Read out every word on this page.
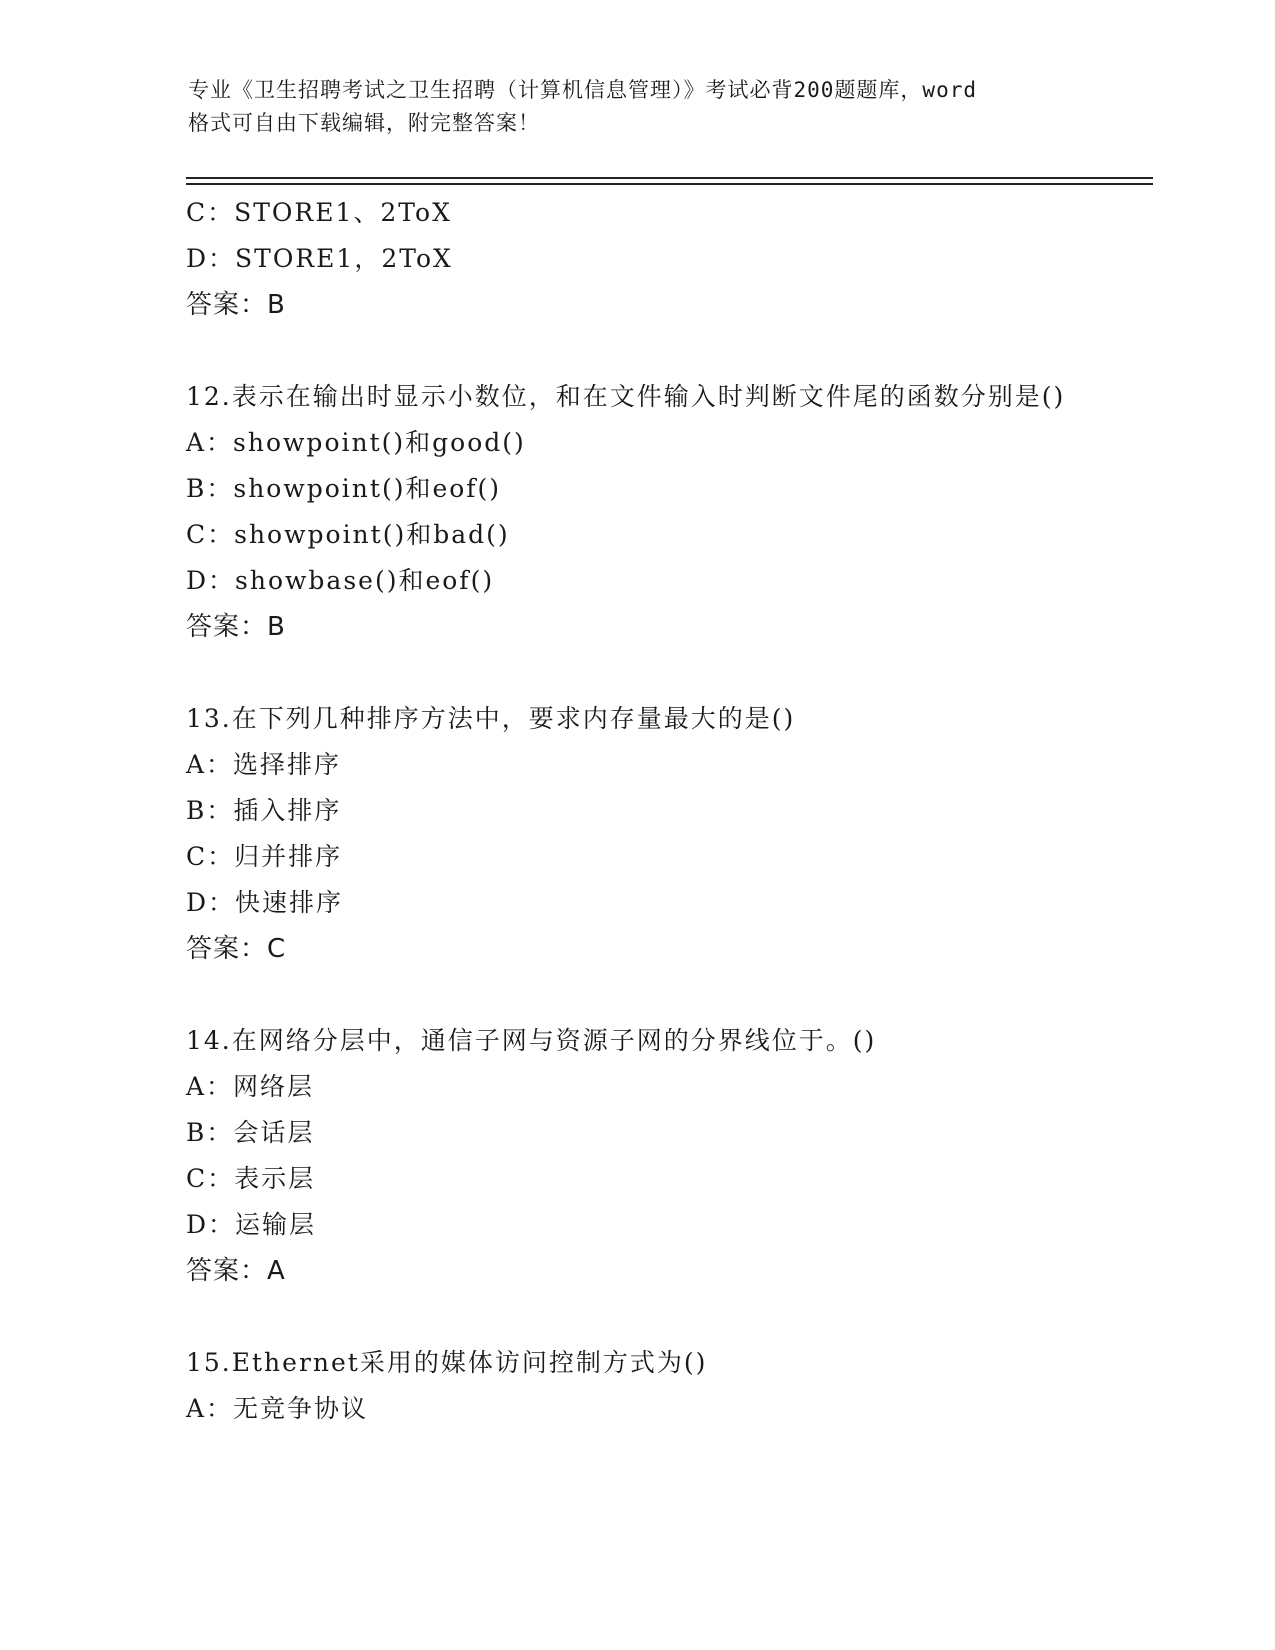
专业《卫生招聘考试之卫生招聘（计算机信息管理）》考试必背200题题库，word
格式可自由下载编辑，附完整答案！
C：STORE1、2ToX
D：STORE1，2ToX
答案：B
12.表示在输出时显示小数位，和在文件输入时判断文件尾的函数分别是()
A：showpoint()和good()
B：showpoint()和eof()
C：showpoint()和bad()
D：showbase()和eof()
答案：B
13.在下列几种排序方法中，要求内存量最大的是()
A：选择排序
B：插入排序
C：归并排序
D：快速排序
答案：C
14.在网络分层中，通信子网与资源子网的分界线位于。()
A：网络层
B：会话层
C：表示层
D：运输层
答案：A
15.Ethernet采用的媒体访问控制方式为()
A：无竞争协议
